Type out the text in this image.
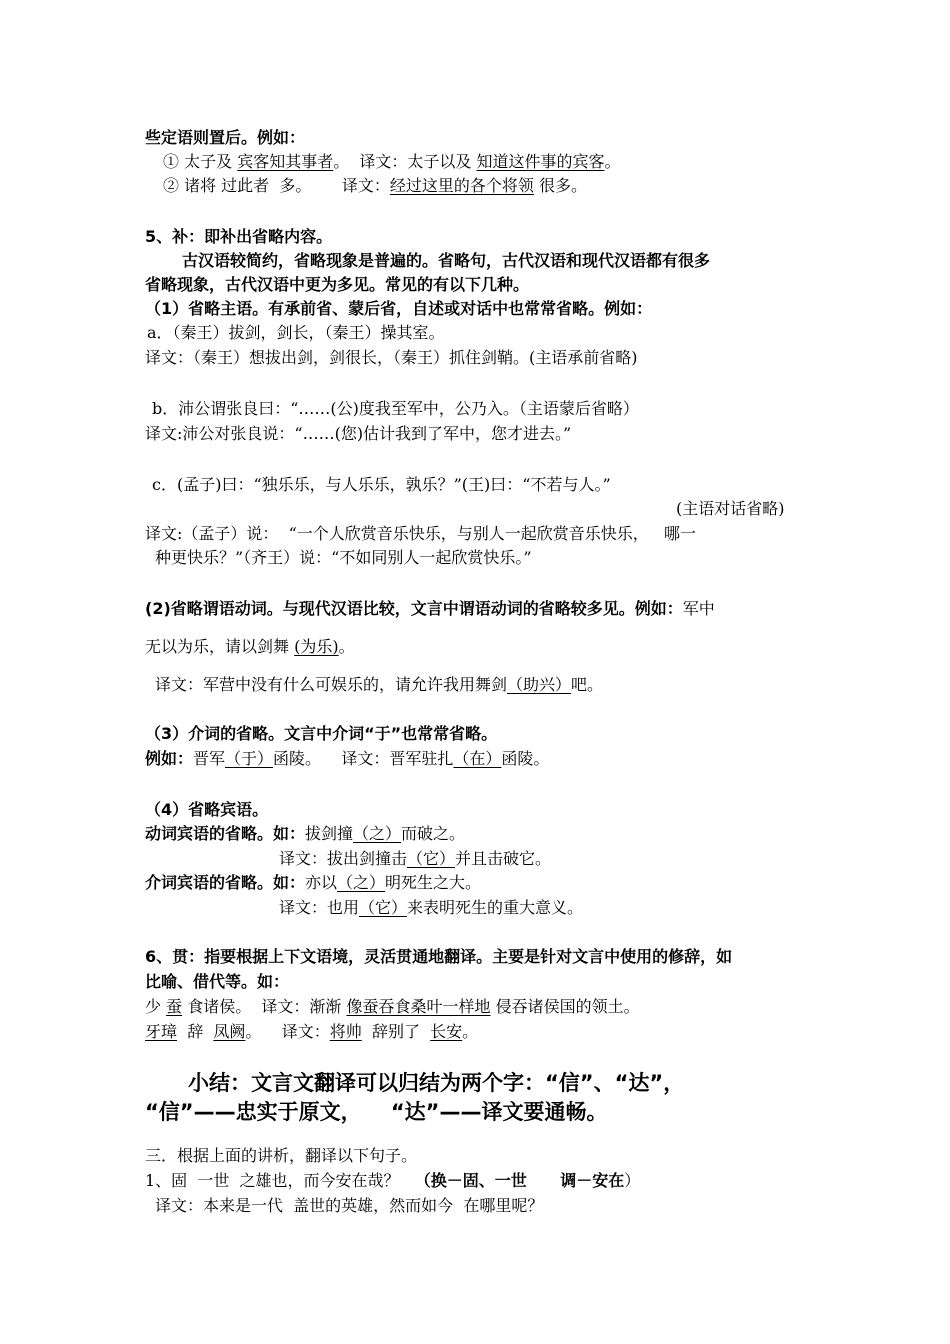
些定语则置后。例如：
① 太子及 宾客知其事者。  译文：太子以及 知道这件事的宾客。
② 诸将 过此者  多。      译文：经过这里的各个将领 很多。
5、补：即补出省略内容。
古汉语较简约，省略现象是普遍的。省略句，古代汉语和现代汉语都有很多
省略现象，古代汉语中更为多见。常见的有以下几种。
（1）省略主语。有承前省、蒙后省，自述或对话中也常常省略。例如：
a．（秦王）拔剑，剑长，（秦王）操其室。
译文：（秦王）想拔出剑，剑很长，（秦王）抓住剑鞘。(主语承前省略)
b．沛公谓张良曰：“……(公)度我至军中，公乃入。（主语蒙后省略）
译文:沛公对张良说：“……(您)估计我到了军中，您才进去。”
c．(孟子)曰：“独乐乐，与人乐乐，孰乐？”(王)曰：“不若与人。”
(主语对话省略)
译文:（孟子）说：  “一个人欣赏音乐快乐，与别人一起欣赏音乐快乐，   哪一
种更快乐？”（齐王）说：“不如同别人一起欣赏快乐。”
(2)省略谓语动词。与现代汉语比较，文言中谓语动词的省略较多见。例如：军中
无以为乐，请以剑舞 (为乐)。
译文：军营中没有什么可娱乐的，请允许我用舞剑（助兴）吧。
（3）介词的省略。文言中介词“于”也常常省略。
例如：晋军（于）函陵。    译文：晋军驻扎（在）函陵。
（4）省略宾语。
动词宾语的省略。如：拔剑撞（之）而破之。
译文：拔出剑撞击（它）并且击破它。
介词宾语的省略。如：亦以（之）明死生之大。
译文：也用（它）来表明死生的重大意义。
6、贯：指要根据上下文语境，灵活贯通地翻译。主要是针对文言中使用的修辞，如
比喻、借代等。如：
少 蚕 食诸侯。  译文：渐渐 像蚕吞食桑叶一样地 侵吞诸侯国的领土。
牙璋  辞  凤阙。    译文：将帅  辞别了  长安。
小结：文言文翻译可以归结为两个字：“信”、“达”，
“信”——忠实于原文，    “达”——译文要通畅。
三．根据上面的讲析，翻译以下句子。
1、固  一世  之雄也，而今安在哉？   （换－固、一世      调－安在）
译文：本来是一代  盖世的英雄，然而如今  在哪里呢？
